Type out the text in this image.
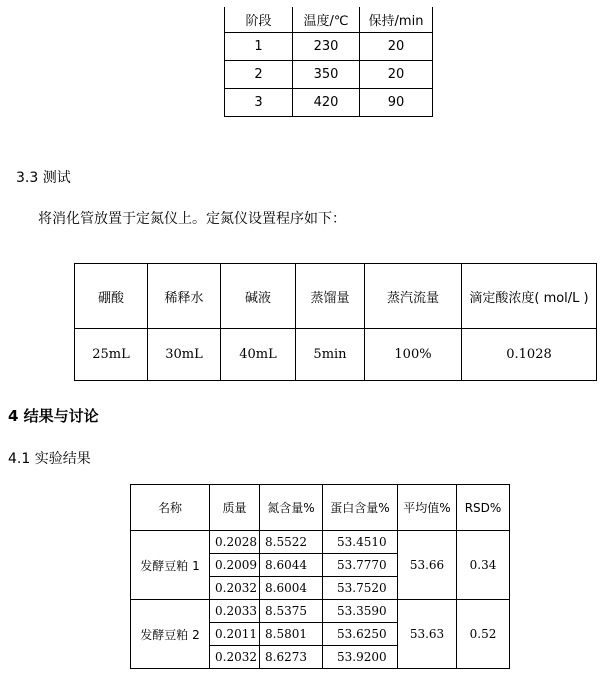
阶段	温度/℃	保持/min
1	230	20
2	350	20
3	420	90
3.3 测试
将消化管放置于定氮仪上。定氮仪设置程序如下：
硼酸	稀释水	碱液	蒸馏量	蒸汽流量	滴定酸浓度( mol/L )
25mL	30mL	40mL	5min	100%	0.1028
4 结果与讨论
4.1 实验结果
名称	质量	氮含量%	蛋白含量%	平均值%	RSD%
发酵豆粕 1	0.2028	8.5522	53.4510	53.66	0.34
	0.2009	8.6044	53.7770		
	0.2032	8.6004	53.7520		
发酵豆粕 2	0.2033	8.5375	53.3590	53.63	0.52
	0.2011	8.5801	53.6250		
	0.2032	8.6273	53.9200		
